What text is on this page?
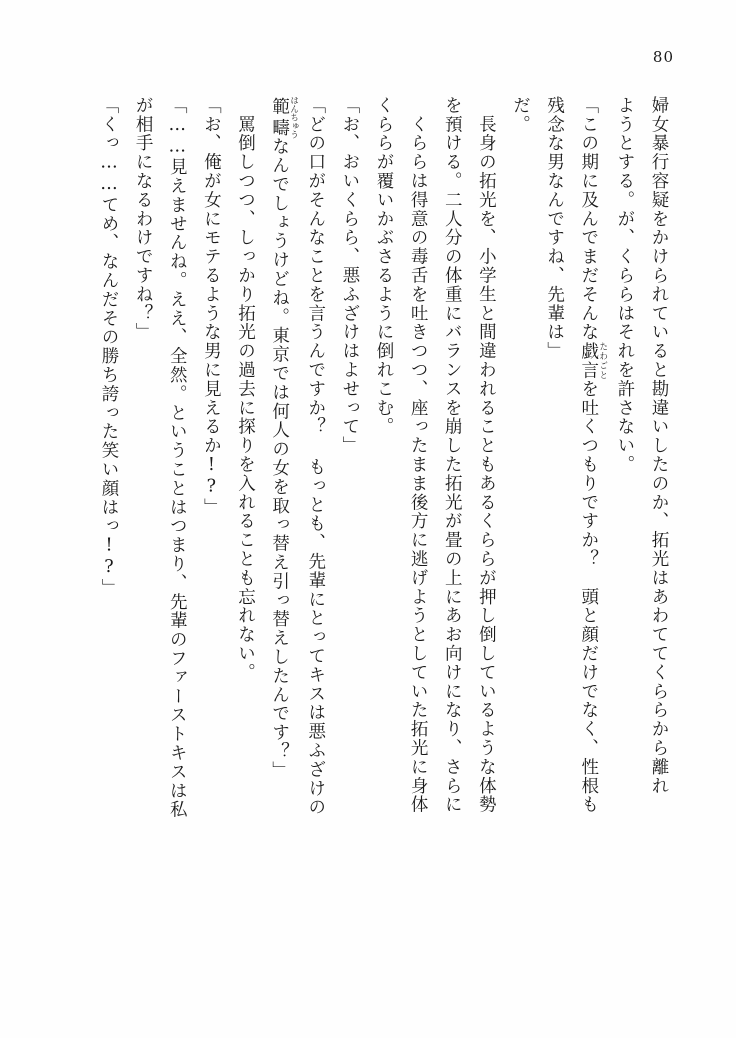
80

婦女暴行容疑をかけられていると勘違いしたのか、拓光はあわててくららから離れ

ようとする。が、くららはそれを許さない。

「この期に及んでまだそんな戯言 たわごとを吐くつもりですか？　頭と顔だけでなく、性根も

残念な男なんですね、先輩は」

だ。

　長身の拓光を、小学生と間違われることもあるくららが押し倒しているような体勢

を預ける。二人分の体重にバランスを崩した拓光が畳の上にあお向けになり、さらに

　くららは得意の毒舌を吐きつつ、座ったまま後方に逃げようとしていた拓光に身体

くららが覆いかぶさるように倒れこむ。

「お、おいくらら、悪ふざけはよせって」

「どの口がそんなことを言うんですか？ もっとも、先輩にとってキスは悪ふざけの

範疇 はんちゅうなんでしょうけどね。東京では何人の女を取っ替え引っ替えしたんです？」

　罵倒しつつ、しっかり拓光の過去に探りを入れることも忘れない。

「お、俺が女にモテるような男に見えるか!?」

「……見えませんね。ええ、全然。ということはつまり、先輩のファーストキスは私

が相手になるわけですね？」

「くっ……てめ、なんだその勝ち誇った笑い顔はっ!?」
